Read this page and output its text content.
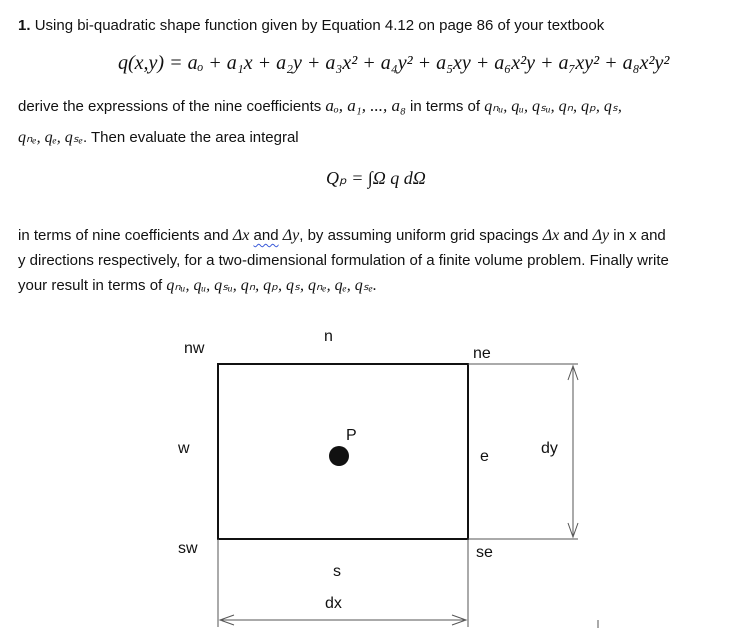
1. Using bi-quadratic shape function given by Equation 4.12 on page 86 of your textbook
q(x,y) = aₒ + a₁x + a₂y + a₃x² + a₄y² + a₅xy + a₆x²y + a₇xy² + a₈x²y²
derive the expressions of the nine coefficients aₒ, a₁, ..., a₈ in terms of qₙᵤ, qᵤ, qₛᵤ, qₙ, qₚ, qₛ,
qₙₑ, qₑ, qₛₑ. Then evaluate the area integral
Qₚ = ∫Ω q dΩ
in terms of nine coefficients and Δx and Δy, by assuming uniform grid spacings Δx and Δy in x and
y directions respectively, for a two-dimensional formulation of a finite volume problem. Finally write
your result in terms of qₙᵤ, qᵤ, qₛᵤ, qₙ, qₚ, qₛ, qₙₑ, qₑ, qₛₑ.
nw
n
ne
w
P
e	dy
sw	se
s
dx
